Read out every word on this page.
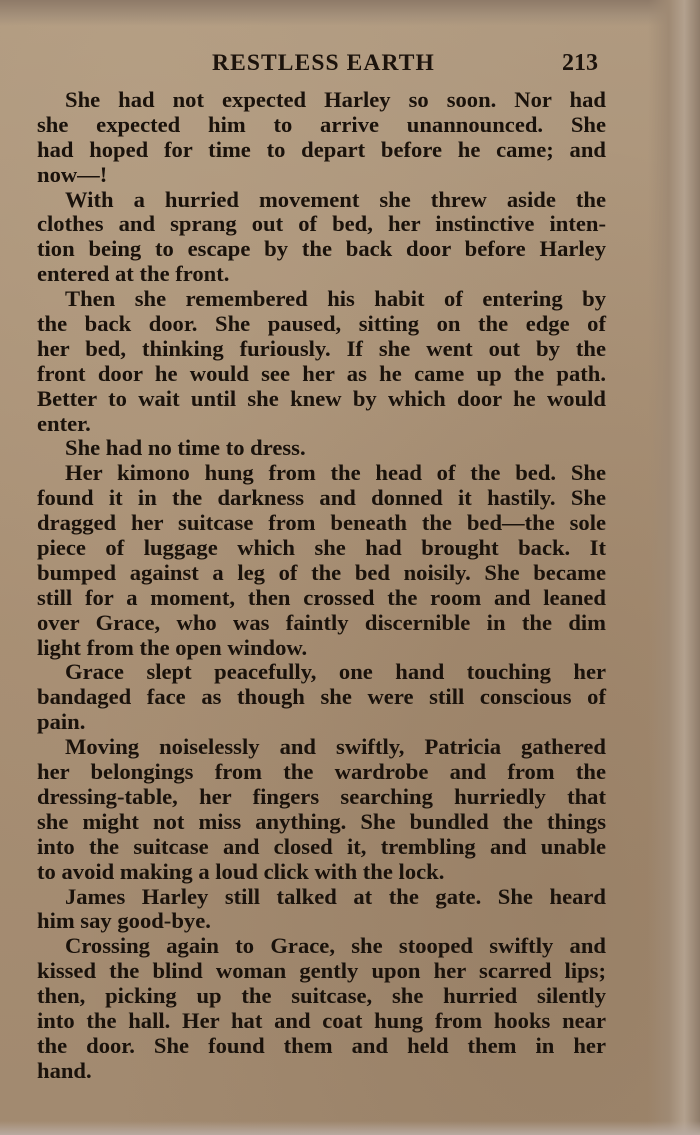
RESTLESS EARTH	213
She had not expected Harley so soon. Nor had
she expected him to arrive unannounced. She
had hoped for time to depart before he came; and
now—!
With a hurried movement she threw aside the
clothes and sprang out of bed, her instinctive inten-
tion being to escape by the back door before Harley
entered at the front.
Then she remembered his habit of entering by
the back door. She paused, sitting on the edge of
her bed, thinking furiously. If she went out by the
front door he would see her as he came up the path.
Better to wait until she knew by which door he would
enter.
She had no time to dress.
Her kimono hung from the head of the bed. She
found it in the darkness and donned it hastily. She
dragged her suitcase from beneath the bed—the sole
piece of luggage which she had brought back. It
bumped against a leg of the bed noisily. She became
still for a moment, then crossed the room and leaned
over Grace, who was faintly discernible in the dim
light from the open window.
Grace slept peacefully, one hand touching her
bandaged face as though she were still conscious of
pain.
Moving noiselessly and swiftly, Patricia gathered
her belongings from the wardrobe and from the
dressing-table, her fingers searching hurriedly that
she might not miss anything. She bundled the things
into the suitcase and closed it, trembling and unable
to avoid making a loud click with the lock.
James Harley still talked at the gate. She heard
him say good-bye.
Crossing again to Grace, she stooped swiftly and
kissed the blind woman gently upon her scarred lips;
then, picking up the suitcase, she hurried silently
into the hall. Her hat and coat hung from hooks near
the door. She found them and held them in her
hand.
